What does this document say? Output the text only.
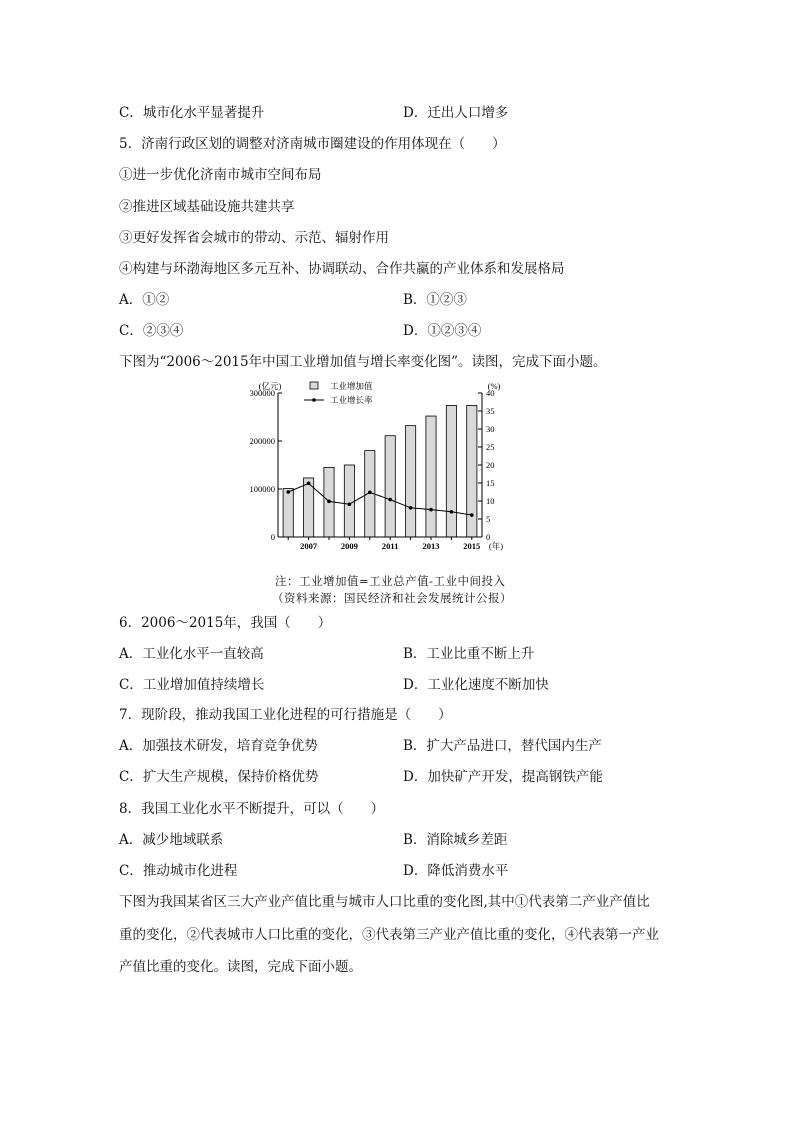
C．城市化水平显著提升	D．迁出人口增多
5．济南行政区划的调整对济南城市圈建设的作用体现在（　　）
①进一步优化济南市城市空间布局
②推进区域基础设施共建共享
③更好发挥省会城市的带动、示范、辐射作用
④构建与环渤海地区多元互补、协调联动、合作共赢的产业体系和发展格局
A．①②	B．①②③
C．②③④	D．①②③④
下图为“2006～2015年中国工业增加值与增长率变化图”。读图，完成下面小题。
0
100000
200000
300000
0
5
10
15
20
25
30
35
40
2007	2009	2011	2013	2015
(亿元)	(%)
(年)
工业增加值
工业增长率
注：工业增加值=工业总产值-工业中间投入
（资料来源：国民经济和社会发展统计公报）
6．2006～2015年，我国（　　）
A．工业化水平一直较高	B．工业比重不断上升
C．工业增加值持续增长	D．工业化速度不断加快
7．现阶段，推动我国工业化进程的可行措施是（　　）
A．加强技术研发，培育竞争优势	B．扩大产品进口，替代国内生产
C．扩大生产规模，保持价格优势	D．加快矿产开发，提高钢铁产能
8．我国工业化水平不断提升，可以（　　）
A．减少地域联系	B．消除城乡差距
C．推动城市化进程	D．降低消费水平
下图为我国某省区三大产业产值比重与城市人口比重的变化图,其中①代表第二产业产值比
重的变化，②代表城市人口比重的变化，③代表第三产业产值比重的变化，④代表第一产业
产值比重的变化。读图，完成下面小题。
